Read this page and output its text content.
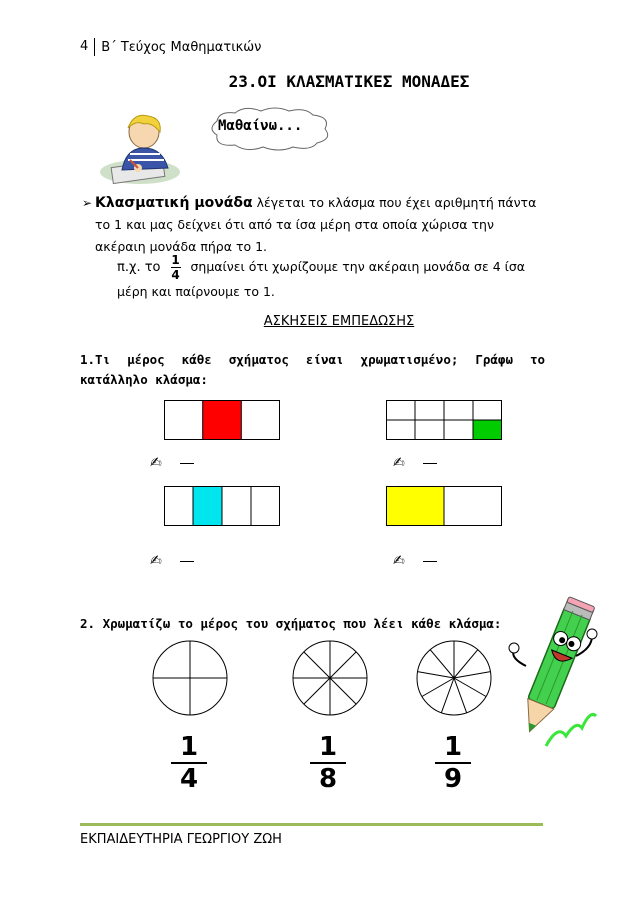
4	Β΄ Τεύχος Μαθηματικών
23.ΟΙ ΚΛΑΣΜΑΤΙΚΕΣ ΜΟΝΑΔΕΣ
Μαθαίνω...
➢ Κλασματική μονάδα λέγεται το κλάσμα που έχει αριθμητή πάντα το 1 και μας δείχνει ότι από τα ίσα μέρη στα οποία χώρισα την ακέραιη μονάδα πήρα το 1.
π.χ. το $\frac{1}{4}$ σημαίνει ότι χωρίζουμε την ακέραιη μονάδα σε 4 ίσα μέρη και παίρνουμε το 1.
ΑΣΚΗΣΕΙΣ ΕΜΠΕΔΩΣΗΣ
1.Τι μέρος κάθε σχήματος είναι χρωματισμένο; Γράφω το κατάλληλο κλάσμα:
✍	✍
✍	✍
2. Χρωματίζω το μέρος του σχήματος που λέει κάθε κλάσμα:
1
4
1
8
1
9
ΕΚΠΑΙΔΕΥΤΗΡΙΑ ΓΕΩΡΓΙΟΥ ΖΩΗ
